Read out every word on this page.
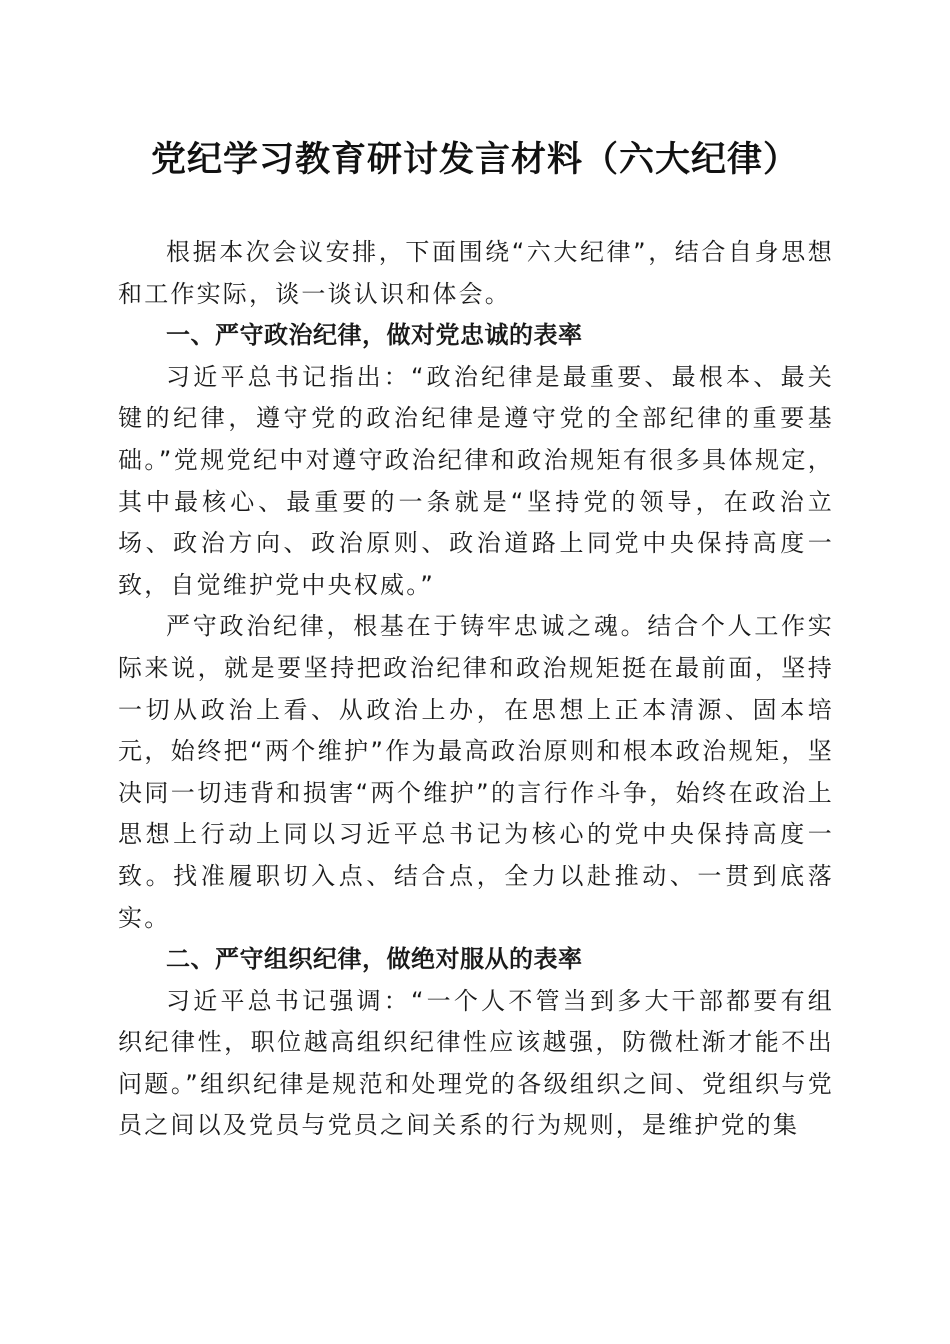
党纪学习教育研讨发言材料（六大纪律）

根据本次会议安排，下面围绕“六大纪律”，结合自身思想和工作实际，谈一谈认识和体会。

一、严守政治纪律，做对党忠诚的表率

习近平总书记指出：“政治纪律是最重要、最根本、最关键的纪律，遵守党的政治纪律是遵守党的全部纪律的重要基础。”党规党纪中对遵守政治纪律和政治规矩有很多具体规定，其中最核心、最重要的一条就是“坚持党的领导，在政治立场、政治方向、政治原则、政治道路上同党中央保持高度一致，自觉维护党中央权威。”

严守政治纪律，根基在于铸牢忠诚之魂。结合个人工作实际来说，就是要坚持把政治纪律和政治规矩挺在最前面，坚持一切从政治上看、从政治上办，在思想上正本清源、固本培元，始终把“两个维护”作为最高政治原则和根本政治规矩，坚决同一切违背和损害“两个维护”的言行作斗争，始终在政治上思想上行动上同以习近平总书记为核心的党中央保持高度一致。找准履职切入点、结合点，全力以赴推动、一贯到底落实。

二、严守组织纪律，做绝对服从的表率

习近平总书记强调：“一个人不管当到多大干部都要有组织纪律性，职位越高组织纪律性应该越强，防微杜渐才能不出问题。”组织纪律是规范和处理党的各级组织之间、党组织与党员之间以及党员与党员之间关系的行为规则，是维护党的集
